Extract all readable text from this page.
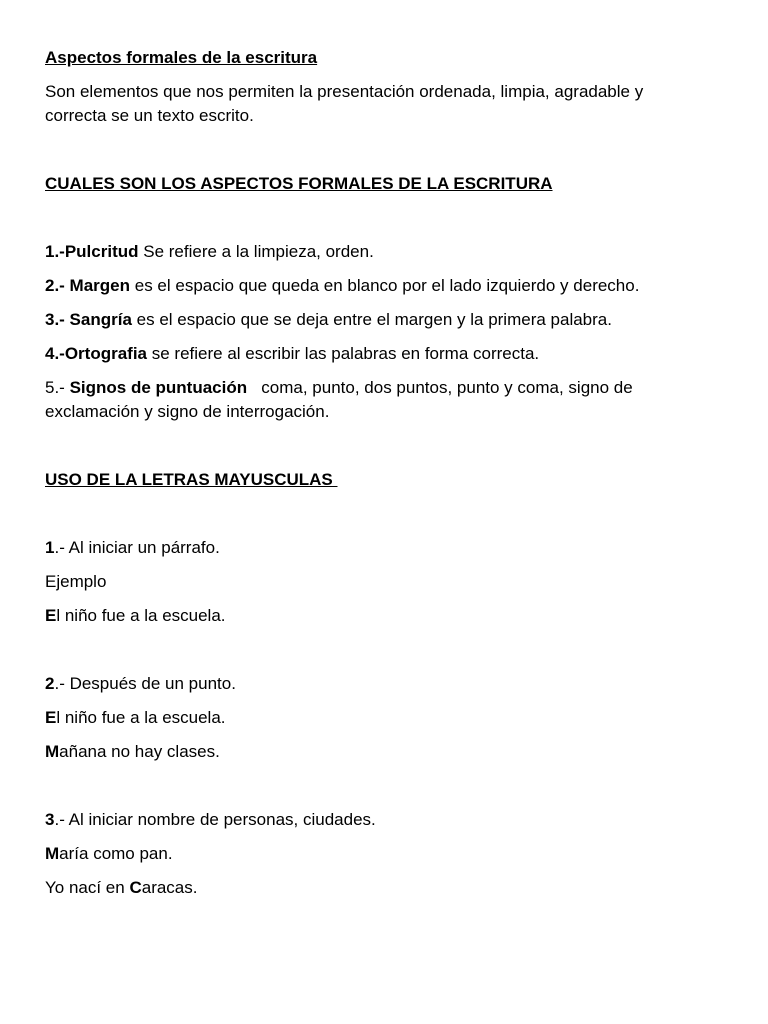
Aspectos formales de la escritura

Son elementos que nos permiten la presentación ordenada, limpia, agradable y

correcta se un texto escrito.

CUALES SON LOS ASPECTOS FORMALES DE LA ESCRITURA

1.-Pulcritud Se refiere a la limpieza, orden.

2.- Margen es el espacio que queda en blanco por el lado izquierdo y derecho.

3.- Sangría es el espacio que se deja entre el margen y la primera palabra.

4.-Ortografia se refiere al escribir las palabras en forma correcta.

5.- Signos de puntuación   coma, punto, dos puntos, punto y coma, signo de

exclamación y signo de interrogación.

USO DE LA LETRAS MAYUSCULAS

1.- Al iniciar un párrafo.

Ejemplo

El niño fue a la escuela.

2.- Después de un punto.

El niño fue a la escuela.

Mañana no hay clases.

3.- Al iniciar nombre de personas, ciudades.

María como pan.

Yo nací en Caracas.
